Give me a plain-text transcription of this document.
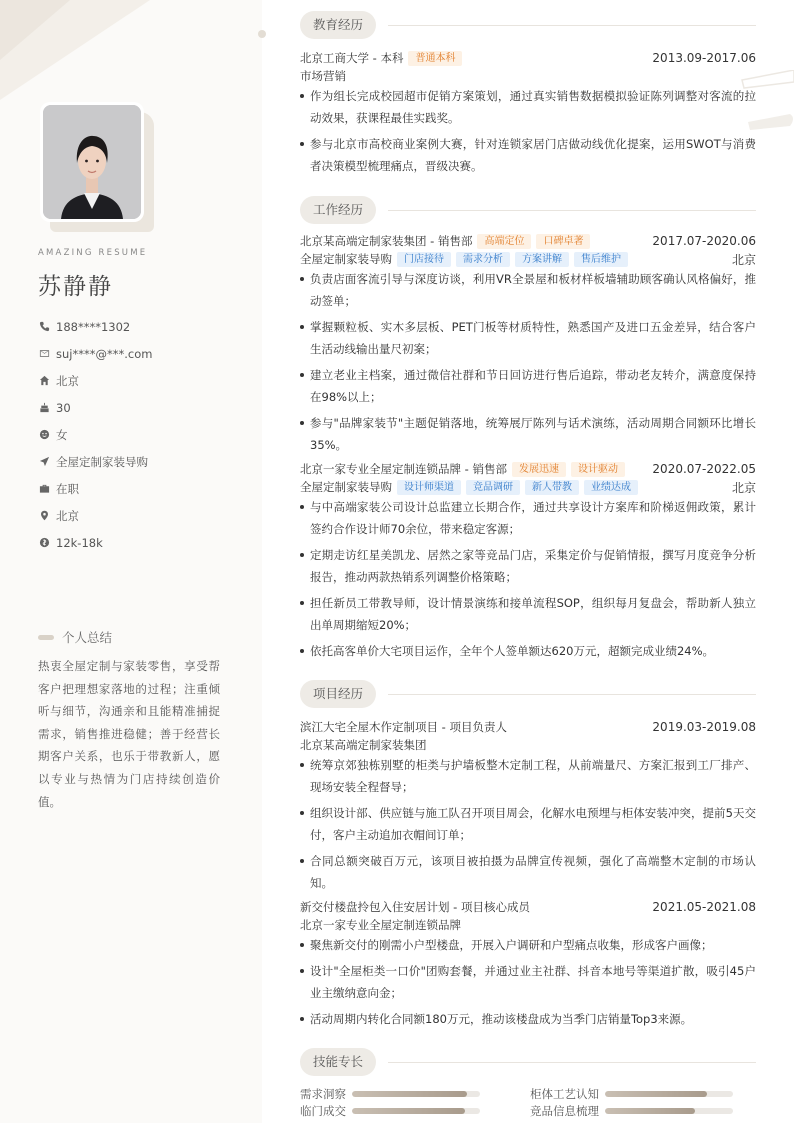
AMAZING RESUME
苏静静
188****1302
suj****@***.com
北京
30
女
全屋定制家装导购
在职
北京
12k-18k
个人总结
热衷全屋定制与家装零售，享受帮客户把理想家落地的过程；注重倾听与细节，沟通亲和且能精准捕捉需求，销售推进稳健；善于经营长期客户关系，也乐于带教新人，愿以专业与热情为门店持续创造价值。
教育经历
北京工商大学 - 本科	普通本科	2013.09-2017.06
市场营销
作为组长完成校园超市促销方案策划，通过真实销售数据模拟验证陈列调整对客流的拉动效果，获课程最佳实践奖。
参与北京市高校商业案例大赛，针对连锁家居门店做动线优化提案，运用SWOT与消费者决策模型梳理痛点，晋级决赛。
工作经历
北京某高端定制家装集团 - 销售部	高端定位	口碑卓著	2017.07-2020.06
全屋定制家装导购	门店接待	需求分析	方案讲解	售后维护	北京
负责店面客流引导与深度访谈，利用VR全景屋和板材样板墙辅助顾客确认风格偏好，推动签单；
掌握颗粒板、实木多层板、PET门板等材质特性，熟悉国产及进口五金差异，结合客户生活动线输出量尺初案；
建立老业主档案，通过微信社群和节日回访进行售后追踪，带动老友转介，满意度保持在98%以上；
参与"品牌家装节"主题促销落地，统筹展厅陈列与话术演练，活动周期合同额环比增长35%。
北京一家专业全屋定制连锁品牌 - 销售部	发展迅速	设计驱动	2020.07-2022.05
全屋定制家装导购	设计师渠道	竞品调研	新人带教	业绩达成	北京
与中高端家装公司设计总监建立长期合作，通过共享设计方案库和阶梯返佣政策，累计签约合作设计师70余位，带来稳定客源；
定期走访红星美凯龙、居然之家等竞品门店，采集定价与促销情报，撰写月度竞争分析报告，推动两款热销系列调整价格策略；
担任新员工带教导师，设计情景演练和接单流程SOP，组织每月复盘会，帮助新人独立出单周期缩短20%；
依托高客单价大宅项目运作，全年个人签单额达620万元，超额完成业绩24%。
项目经历
滨江大宅全屋木作定制项目 - 项目负责人	2019.03-2019.08
北京某高端定制家装集团
统筹京郊独栋别墅的柜类与护墙板整木定制工程，从前端量尺、方案汇报到工厂排产、现场安装全程督导；
组织设计部、供应链与施工队召开项目周会，化解水电预埋与柜体安装冲突，提前5天交付，客户主动追加衣帽间订单；
合同总额突破百万元，该项目被拍摄为品牌宣传视频，强化了高端整木定制的市场认知。
新交付楼盘拎包入住安居计划 - 项目核心成员	2021.05-2021.08
北京一家专业全屋定制连锁品牌
聚焦新交付的刚需小户型楼盘，开展入户调研和户型痛点收集，形成客户画像；
设计"全屋柜类一口价"团购套餐，并通过业主社群、抖音本地号等渠道扩散，吸引45户业主缴纳意向金；
活动周期内转化合同额180万元，推动该楼盘成为当季门店销量Top3来源。
技能专长
需求洞察	柜体工艺认知
临门成交	竞品信息梳理
